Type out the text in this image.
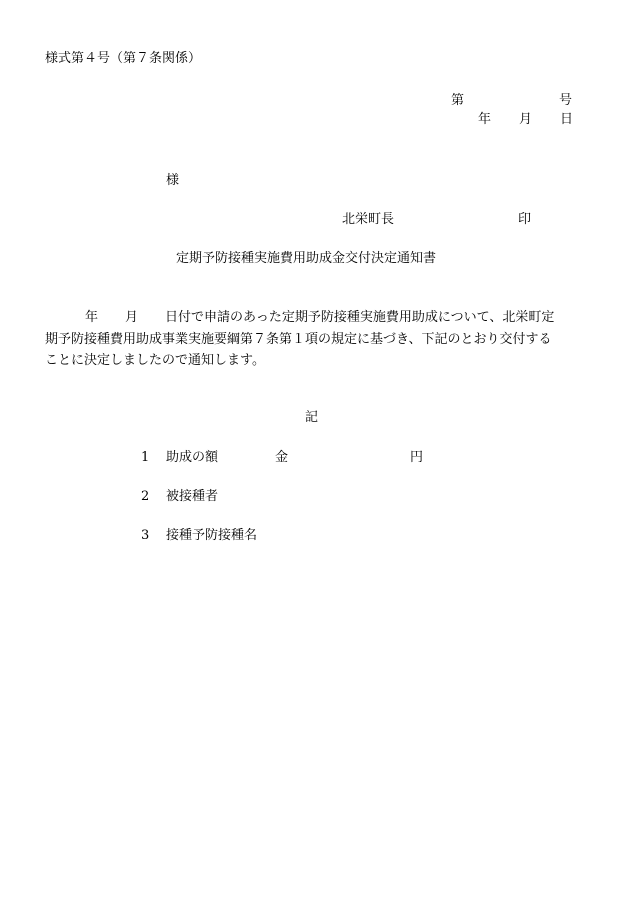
様式第４号（第７条関係）
第	号
年 月 日
様
北栄町長	印
定期予防接種実施費用助成金交付決定通知書
年 月 日付で申請のあった定期予防接種実施費用助成について、北栄町定
期予防接種費用助成事業実施要綱第７条第１項の規定に基づき、下記のとおり交付する
ことに決定しましたので通知します。
記
1 助成の額	金	円
2 被接種者
3 接種予防接種名
